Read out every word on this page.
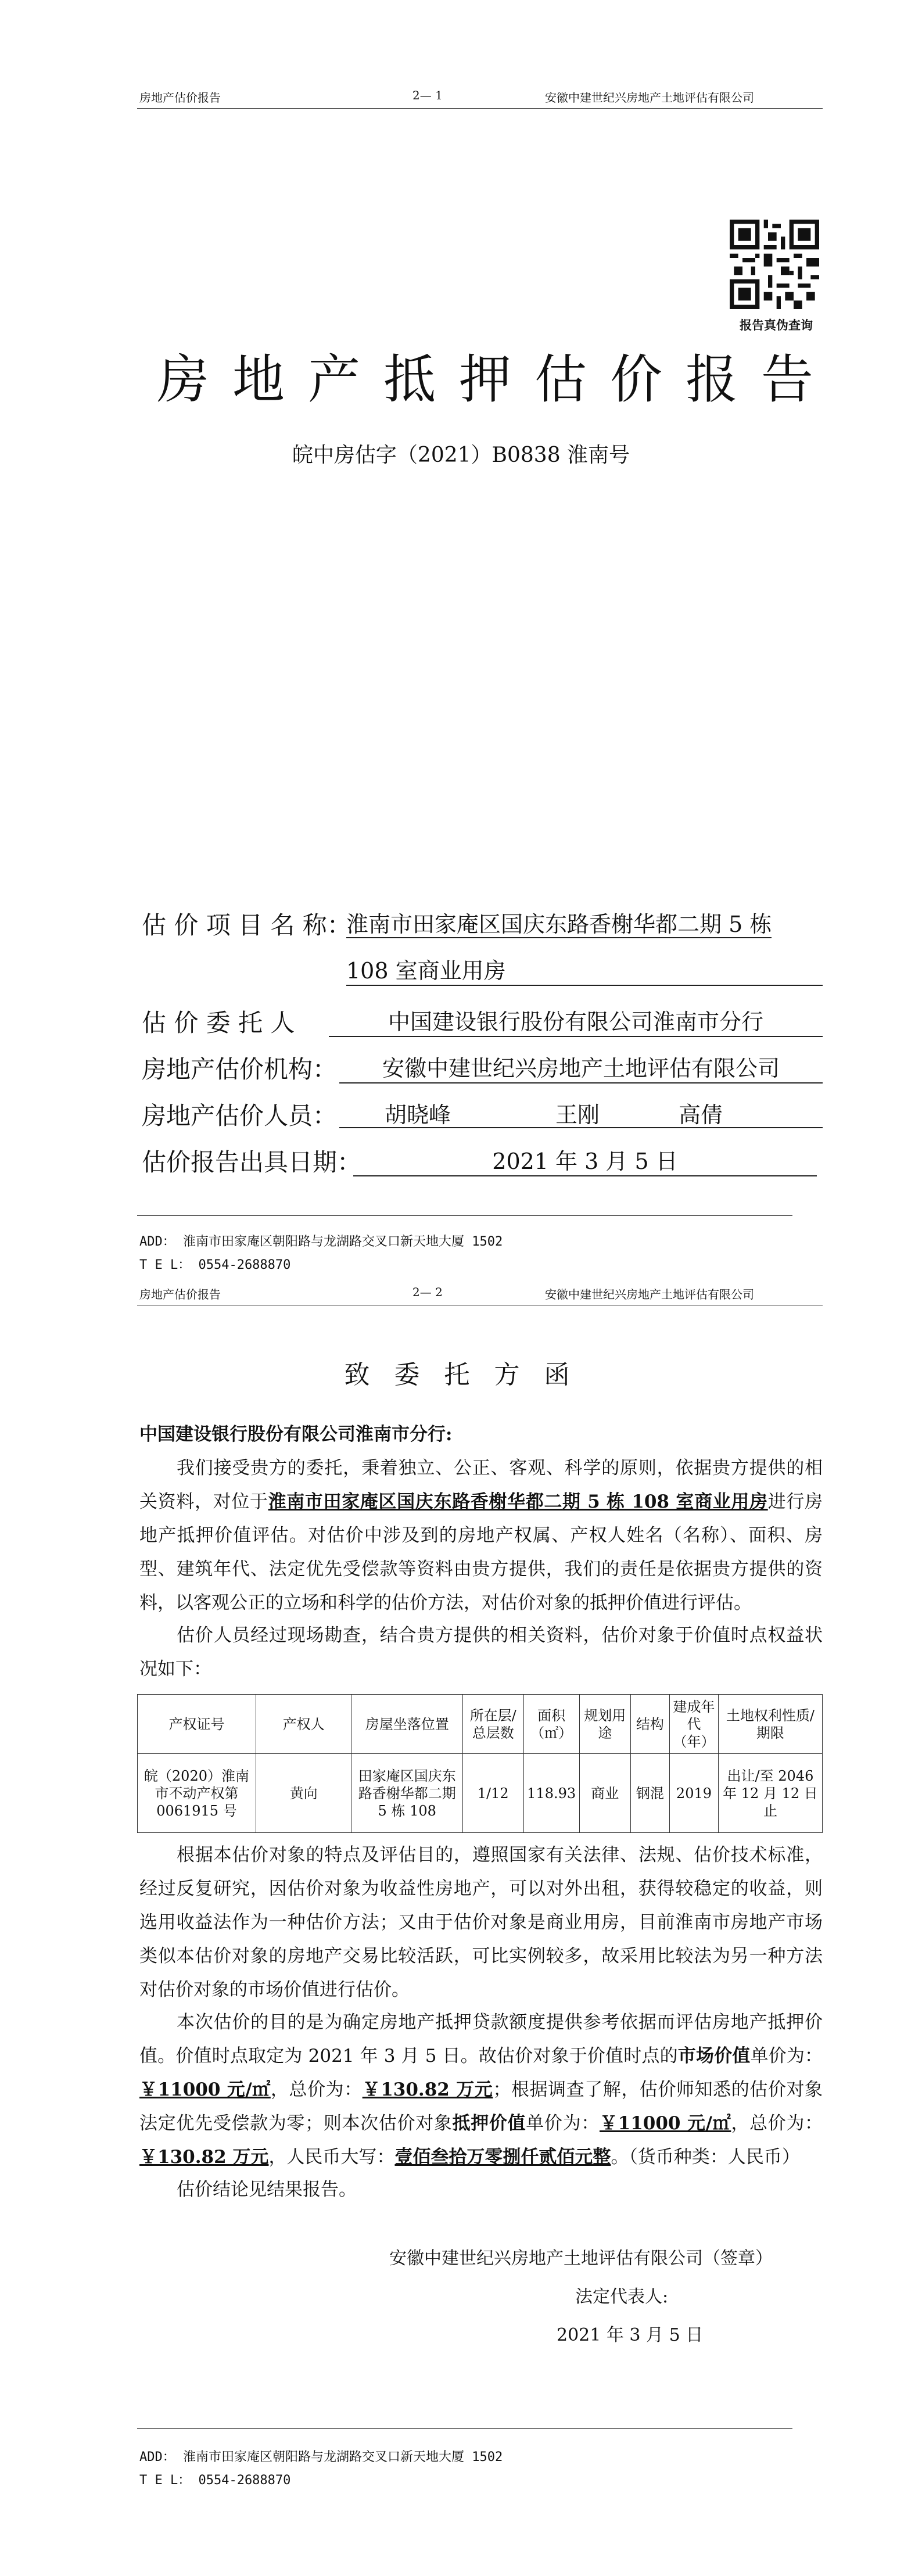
房地产估价报告	2— 1	安徽中建世纪兴房地产土地评估有限公司
报告真伪查询
房地产抵押估价报告
皖中房估字（2021）B0838 淮南号
估 价 项 目 名 称：
淮南市田家庵区国庆东路香榭华都二期 5 栋
108 室商业用房
估 价 委 托 人	中国建设银行股份有限公司淮南市分行
房地产估价机构：	安徽中建世纪兴房地产土地评估有限公司
房地产估价人员： 胡晓峰	王刚	高倩
估价报告出具日期：	2021 年 3 月 5 日
ADD： 淮南市田家庵区朝阳路与龙湖路交叉口新天地大厦 1502
T E L： 0554-2688870
房地产估价报告	2— 2	安徽中建世纪兴房地产土地评估有限公司
致 委 托 方 函
中国建设银行股份有限公司淮南市分行:
我们接受贵方的委托，秉着独立、公正、客观、科学的原则，依据贵方提供的相关资料，对位于淮南市田家庵区国庆东路香榭华都二期 5 栋 108 室商业用房进行房地产抵押价值评估。对估价中涉及到的房地产权属、产权人姓名（名称）、面积、房型、建筑年代、法定优先受偿款等资料由贵方提供，我们的责任是依据贵方提供的资料，以客观公正的立场和科学的估价方法，对估价对象的抵押价值进行评估。
估价人员经过现场勘查，结合贵方提供的相关资料，估价对象于价值时点权益状况如下：
产权证号	产权人	房屋坐落位置	所在层/总层数	面积（㎡）	规划用途	结构	建成年代（年）	土地权利性质/期限
皖（2020）淮南市不动产权第 0061915 号	黄向	田家庵区国庆东路香榭华都二期 5 栋 108	1/12	118.93	商业	钢混	2019	出让/至 2046 年 12 月 12 日止
根据本估价对象的特点及评估目的，遵照国家有关法律、法规、估价技术标准，经过反复研究，因估价对象为收益性房地产，可以对外出租，获得较稳定的收益，则选用收益法作为一种估价方法；又由于估价对象是商业用房，目前淮南市房地产市场类似本估价对象的房地产交易比较活跃，可比实例较多，故采用比较法为另一种方法对估价对象的市场价值进行估价。
本次估价的目的是为确定房地产抵押贷款额度提供参考依据而评估房地产抵押价值。价值时点取定为 2021 年 3 月 5 日。故估价对象于价值时点的市场价值单价为：￥11000 元/㎡，总价为：￥130.82 万元；根据调查了解，估价师知悉的估价对象法定优先受偿款为零；则本次估价对象抵押价值单价为：￥11000 元/㎡，总价为：￥130.82 万元，人民币大写：壹佰叁拾万零捌仟贰佰元整。（货币种类：人民币）
估价结论见结果报告。
安徽中建世纪兴房地产土地评估有限公司（签章）
法定代表人:
2021 年 3 月 5 日
ADD： 淮南市田家庵区朝阳路与龙湖路交叉口新天地大厦 1502
T E L： 0554-2688870
